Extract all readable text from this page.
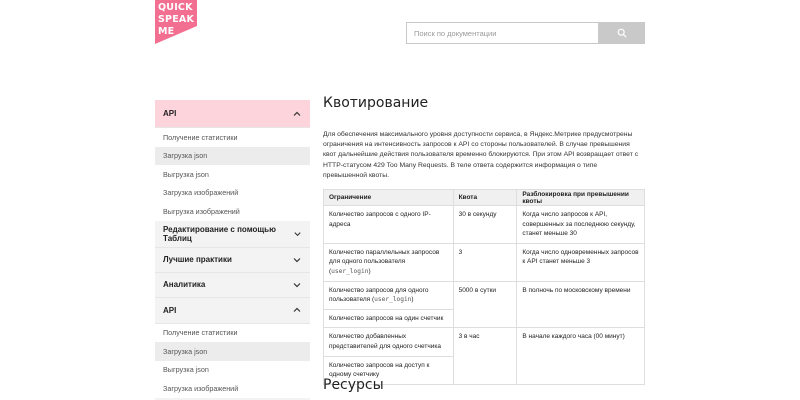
QUICK
SPEAK
ME
Поиск по документации
API
Получение статистики
Загрузка json
Выгрузка json
Загрузка изображений
Выгрузка изображений
Редактирование с помощью Таблиц
Лучшие практики
Аналитика
API
Получение статистики
Загрузка json
Выгрузка json
Загрузка изображений
Квотирование

Для обеспечения максимального уровня доступности сервиса, в Яндекс.Метрике предусмотрены ограничения на интенсивность запросов к API со стороны пользователей. В случае превышения квот дальнейшие действия пользователя временно блокируются. При этом API возвращает ответ с HTTP-статусом 429 Too Many Requests. В теле ответа содержится информация о типе превышенной квоты.

Ограничение	Квота	Разблокировка при превышении квоты
Количество запросов с одного IP-адреса	30 в секунду	Когда число запросов к API, совершенных за последнюю секунду, станет меньше 30
Количество параллельных запросов для одного пользователя (user_login)	3	Когда число одновременных запросов к API станет меньше 3
Количество запросов для одного пользователя (user_login)	5000 в сутки	В полночь по московскому времени
Количество запросов на один счетчик		
Количество добавленных представителей для одного счетчика	3 в час	В начале каждого часа (00 минут)
Количество запросов на доступ к одному счетчику		
Ресурсы
